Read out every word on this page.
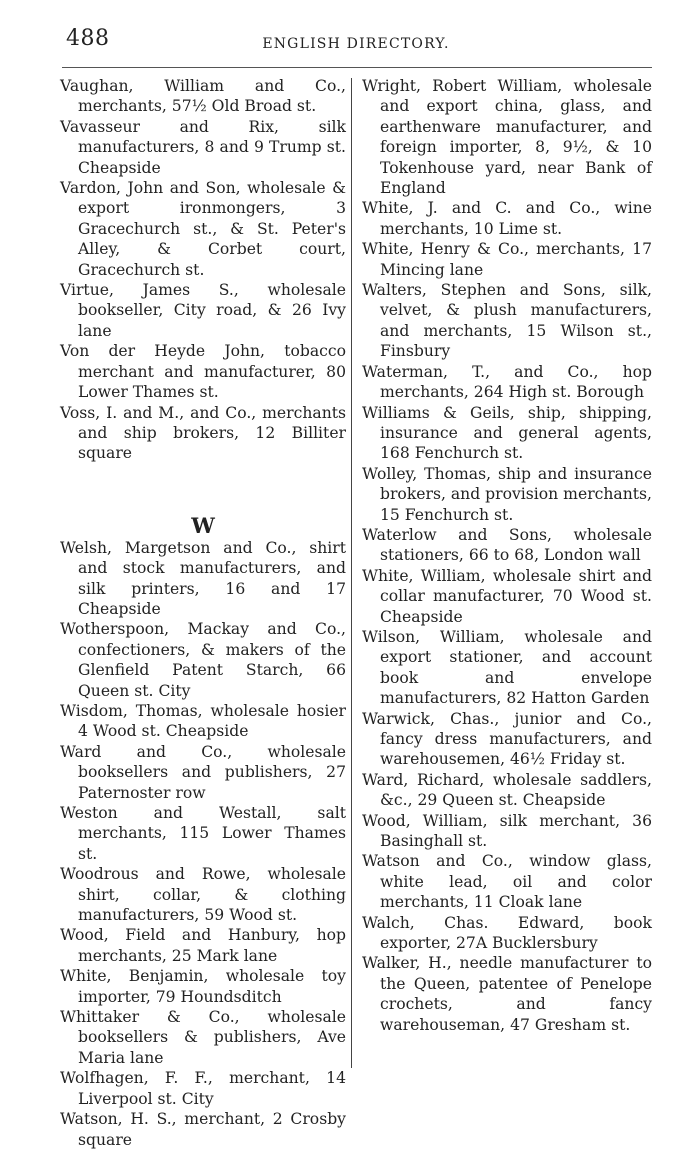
488	ENGLISH DIRECTORY.

Vaughan, William and Co., merchants, 57½ Old Broad st.

Vavasseur and Rix, silk manufacturers, 8 and 9 Trump st. Cheapside

Vardon, John and Son, wholesale & export ironmongers, 3 Gracechurch st., & St. Peter's Alley, & Corbet court, Gracechurch st.

Virtue, James S., wholesale bookseller, City road, & 26 Ivy lane

Von der Heyde John, tobacco merchant and manufacturer, 80 Lower Thames st.

Voss, I. and M., and Co., merchants and ship brokers, 12 Billiter square

W

Welsh, Margetson and Co., shirt and stock manufacturers, and silk printers, 16 and 17 Cheapside

Wotherspoon, Mackay and Co., confectioners, & makers of the Glenfield Patent Starch, 66 Queen st. City

Wisdom, Thomas, wholesale hosier 4 Wood st. Cheapside

Ward and Co., wholesale booksellers and publishers, 27 Paternoster row

Weston and Westall, salt merchants, 115 Lower Thames st.

Woodrous and Rowe, wholesale shirt, collar, & clothing manufacturers, 59 Wood st.

Wood, Field and Hanbury, hop merchants, 25 Mark lane

White, Benjamin, wholesale toy importer, 79 Houndsditch

Whittaker & Co., wholesale booksellers & publishers, Ave Maria lane

Wolfhagen, F. F., merchant, 14 Liverpool st. City

Watson, H. S., merchant, 2 Crosby square

Wright, Robert William, wholesale and export china, glass, and earthenware manufacturer, and foreign importer, 8, 9½, & 10 Tokenhouse yard, near Bank of England

White, J. and C. and Co., wine merchants, 10 Lime st.

White, Henry & Co., merchants, 17 Mincing lane

Walters, Stephen and Sons, silk, velvet, & plush manufacturers, and merchants, 15 Wilson st., Finsbury

Waterman, T., and Co., hop merchants, 264 High st. Borough

Williams & Geils, ship, shipping, insurance and general agents, 168 Fenchurch st.

Wolley, Thomas, ship and insurance brokers, and provision merchants, 15 Fenchurch st.

Waterlow and Sons, wholesale stationers, 66 to 68, London wall

White, William, wholesale shirt and collar manufacturer, 70 Wood st. Cheapside

Wilson, William, wholesale and export stationer, and account book and envelope manufacturers, 82 Hatton Garden

Warwick, Chas., junior and Co., fancy dress manufacturers, and warehousemen, 46½ Friday st.

Ward, Richard, wholesale saddlers, &c., 29 Queen st. Cheapside

Wood, William, silk merchant, 36 Basinghall st.

Watson and Co., window glass, white lead, oil and color merchants, 11 Cloak lane

Walch, Chas. Edward, book exporter, 27A Bucklersbury

Walker, H., needle manufacturer to the Queen, patentee of Penelope crochets, and fancy warehouseman, 47 Gresham st.
